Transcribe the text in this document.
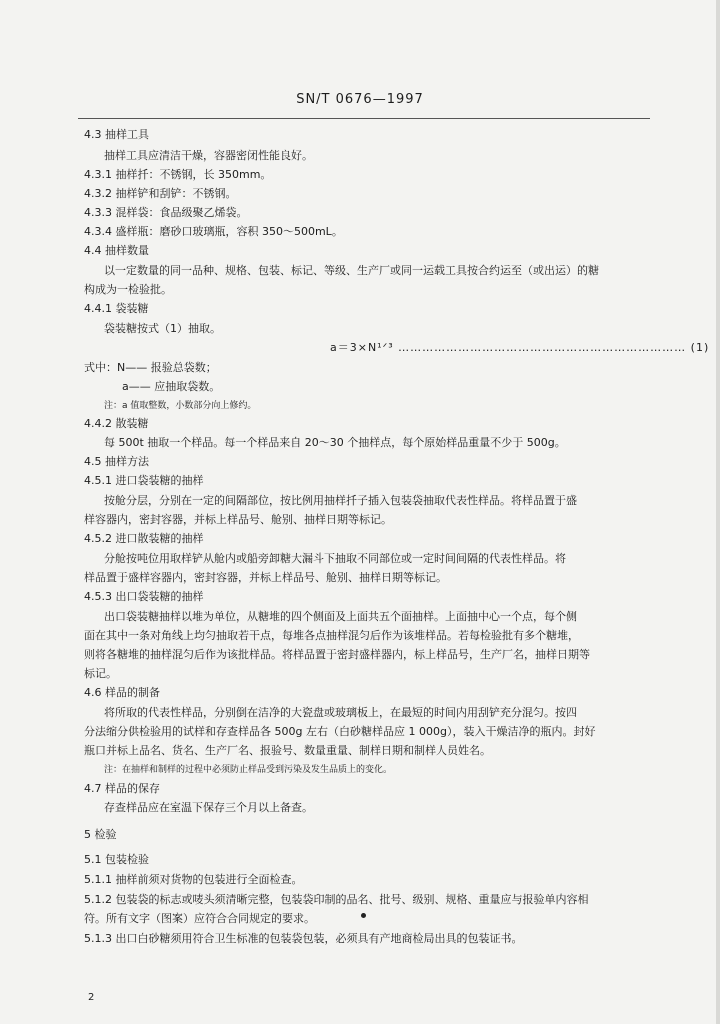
SN/T 0676—1997
4.3 抽样工具
抽样工具应清洁干燥，容器密闭性能良好。
4.3.1 抽样扦：不锈钢，长 350mm。
4.3.2 抽样铲和刮铲：不锈钢。
4.3.3 混样袋：食品级聚乙烯袋。
4.3.4 盛样瓶：磨砂口玻璃瓶，容积 350～500mL。
4.4 抽样数量
以一定数量的同一品种、规格、包装、标记、等级、生产厂或同一运载工具按合约运至（或出运）的糖
构成为一检验批。
4.4.1 袋装糖
袋装糖按式（1）抽取。
a＝3×N¹ᐟ³ ……………………………………………………………… (1)
式中：N—— 报验总袋数；
a—— 应抽取袋数。
注：a 值取整数，小数部分向上修约。
4.4.2 散装糖
每 500t 抽取一个样品。每一个样品来自 20～30 个抽样点，每个原始样品重量不少于 500g。
4.5 抽样方法
4.5.1 进口袋装糖的抽样
按舱分层，分别在一定的间隔部位，按比例用抽样扦子插入包装袋抽取代表性样品。将样品置于盛
样容器内，密封容器，并标上样品号、舱别、抽样日期等标记。
4.5.2 进口散装糖的抽样
分舱按吨位用取样铲从舱内或船旁卸糖大漏斗下抽取不同部位或一定时间间隔的代表性样品。将
样品置于盛样容器内，密封容器，并标上样品号、舱别、抽样日期等标记。
4.5.3 出口袋装糖的抽样
出口袋装糖抽样以堆为单位，从糖堆的四个侧面及上面共五个面抽样。上面抽中心一个点，每个侧
面在其中一条对角线上均匀抽取若干点，每堆各点抽样混匀后作为该堆样品。若每检验批有多个糖堆，
则将各糖堆的抽样混匀后作为该批样品。将样品置于密封盛样器内，标上样品号，生产厂名，抽样日期等
标记。
4.6 样品的制备
将所取的代表性样品，分别倒在洁净的大瓷盘或玻璃板上，在最短的时间内用刮铲充分混匀。按四
分法缩分供检验用的试样和存查样品各 500g 左右（白砂糖样品应 1 000g），装入干燥洁净的瓶内。封好
瓶口并标上品名、货名、生产厂名、报验号、数量重量、制样日期和制样人员姓名。
注：在抽样和制样的过程中必须防止样品受到污染及发生品质上的变化。
4.7 样品的保存
存查样品应在室温下保存三个月以上备查。
5 检验
5.1 包装检验
5.1.1 抽样前须对货物的包装进行全面检查。
5.1.2 包装袋的标志或唛头须清晰完整，包装袋印制的品名、批号、级别、规格、重量应与报验单内容相
符。所有文字（图案）应符合合同规定的要求。
5.1.3 出口白砂糖须用符合卫生标准的包装袋包装，必须具有产地商检局出具的包装证书。
2
